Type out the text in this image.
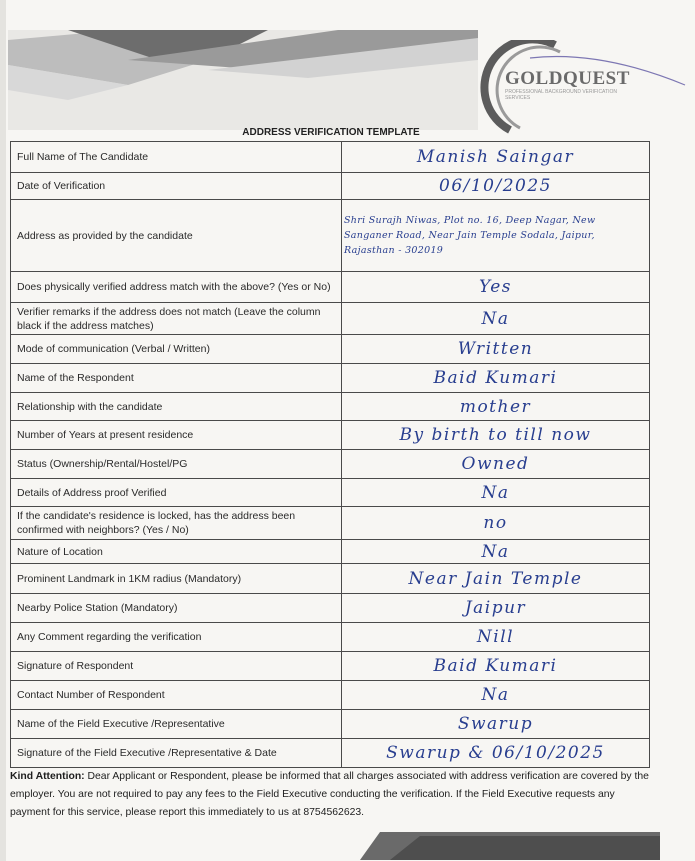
GOLDQUEST
PROFESSIONAL BACKGROUND VERIFICATION SERVICES
ADDRESS VERIFICATION TEMPLATE
Full Name of The Candidate	Manish Saingar
Date of Verification	06/10/2025
Address as provided by the candidate	Shri Surajh Niwas, Plot no. 16, Deep Nagar, New Sanganer Road, Near Jain Temple Sodala, Jaipur, Rajasthan - 302019
Does physically verified address match with the above? (Yes or No)	Yes
Verifier remarks if the address does not match (Leave the column black if the address matches)	Na
Mode of communication (Verbal / Written)	Written
Name of the Respondent	Baid Kumari
Relationship with the candidate	mother
Number of Years at present residence	By birth to till now
Status (Ownership/Rental/Hostel/PG	Owned
Details of Address proof Verified	Na
If the candidate's residence is locked, has the address been confirmed with neighbors? (Yes / No)	no
Nature of Location	Na
Prominent Landmark in 1KM radius (Mandatory)	Near Jain Temple
Nearby Police Station (Mandatory)	Jaipur
Any Comment regarding the verification	Nill
Signature of Respondent	Baid Kumari
Contact Number of Respondent	Na
Name of the Field Executive /Representative	Swarup
Signature of the Field Executive /Representative & Date	Swarup & 06/10/2025
Kind Attention: Dear Applicant or Respondent, please be informed that all charges associated with address verification are covered by the employer. You are not required to pay any fees to the Field Executive conducting the verification. If the Field Executive requests any payment for this service, please report this immediately to us at 8754562623.
